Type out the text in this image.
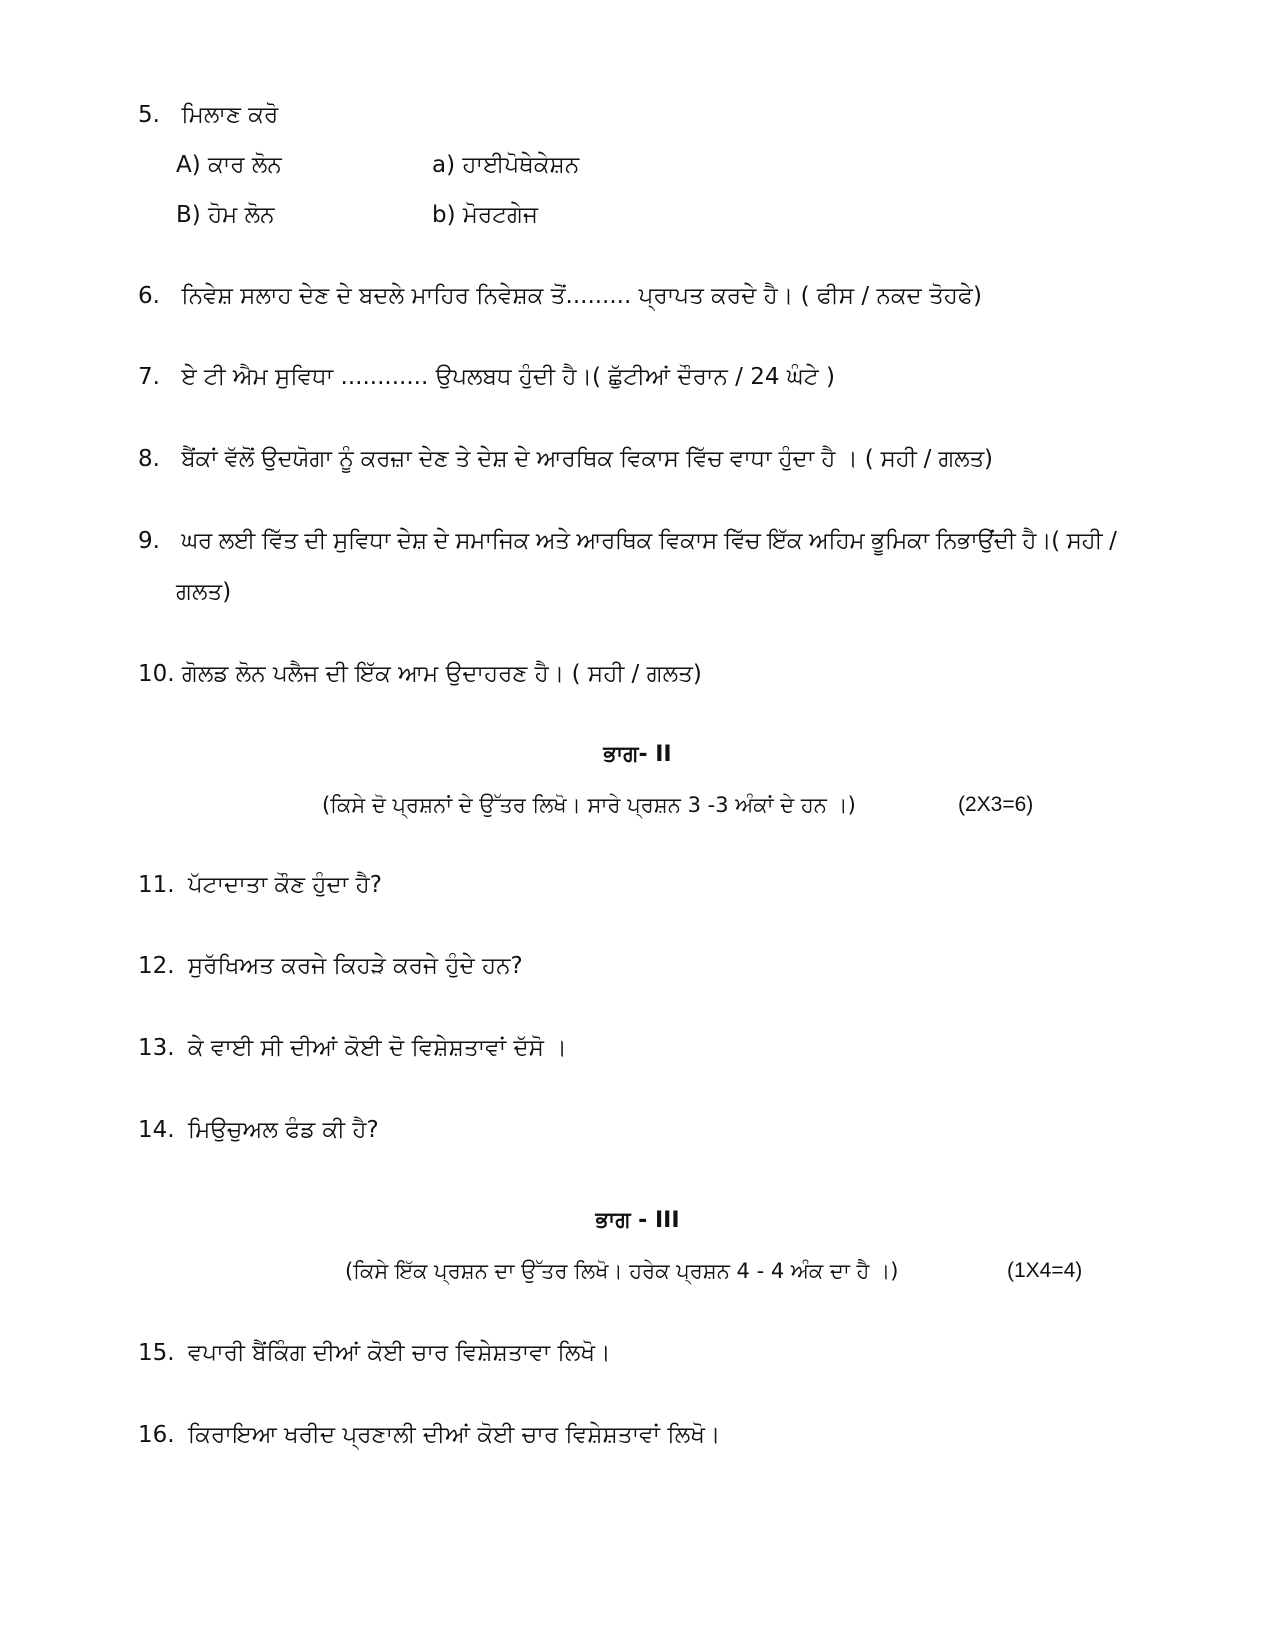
5. ਮਿਲਾਣ ਕਰੋ
A) ਕਾਰ ਲੋਨ	a) ਹਾਈਪੋਥੇਕੇਸ਼ਨ
B) ਹੋਮ ਲੋਨ	b) ਮੋਰਟਗੇਜ
6. ਨਿਵੇਸ਼ ਸਲਾਹ ਦੇਣ ਦੇ ਬਦਲੇ ਮਾਹਿਰ ਨਿਵੇਸ਼ਕ ਤੋਂ......... ਪ੍ਰਾਪਤ ਕਰਦੇ ਹੈ। ( ਫੀਸ / ਨਕਦ ਤੋਹਫੇ)
7. ਏ ਟੀ ਐਮ ਸੁਵਿਧਾ ............ ਉਪਲਬਧ ਹੁੰਦੀ ਹੈ।( ਛੁੱਟੀਆਂ ਦੌਰਾਨ / 24 ਘੰਟੇ )
8. ਬੈਂਕਾਂ ਵੱਲੋਂ ਉਦਯੋਗਾ ਨੂੰ ਕਰਜ਼ਾ ਦੇਣ ਤੇ ਦੇਸ਼ ਦੇ ਆਰਥਿਕ ਵਿਕਾਸ ਵਿੱਚ ਵਾਧਾ ਹੁੰਦਾ ਹੈ । ( ਸਹੀ / ਗਲਤ)
9. ਘਰ ਲਈ ਵਿੱਤ ਦੀ ਸੁਵਿਧਾ ਦੇਸ਼ ਦੇ ਸਮਾਜਿਕ ਅਤੇ ਆਰਥਿਕ ਵਿਕਾਸ ਵਿੱਚ ਇੱਕ ਅਹਿਮ ਭੂਮਿਕਾ ਨਿਭਾਉਂਦੀ ਹੈ।( ਸਹੀ /
ਗਲਤ)
10. ਗੋਲਡ ਲੋਨ ਪਲੈਜ ਦੀ ਇੱਕ ਆਮ ਉਦਾਹਰਣ ਹੈ। ( ਸਹੀ / ਗਲਤ)
ਭਾਗ- II
(ਕਿਸੇ ਦੋ ਪ੍ਰਸ਼ਨਾਂ ਦੇ ਉੱਤਰ ਲਿਖੋ। ਸਾਰੇ ਪ੍ਰਸ਼ਨ 3 -3 ਅੰਕਾਂ ਦੇ ਹਨ ।)	(2X3=6)
11. ਪੱਟਾਦਾਤਾ ਕੌਣ ਹੁੰਦਾ ਹੈ?
12. ਸੁਰੱਖਿਅਤ ਕਰਜੇ ਕਿਹੜੇ ਕਰਜੇ ਹੁੰਦੇ ਹਨ?
13. ਕੇ ਵਾਈ ਸੀ ਦੀਆਂ ਕੋਈ ਦੋ ਵਿਸ਼ੇਸ਼ਤਾਵਾਂ ਦੱਸੋ ।
14. ਮਿਉਚੁਅਲ ਫੰਡ ਕੀ ਹੈ?
ਭਾਗ - III
(ਕਿਸੇ ਇੱਕ ਪ੍ਰਸ਼ਨ ਦਾ ਉੱਤਰ ਲਿਖੋ। ਹਰੇਕ ਪ੍ਰਸ਼ਨ 4 - 4 ਅੰਕ ਦਾ ਹੈ ।)	(1X4=4)
15. ਵਪਾਰੀ ਬੈਂਕਿੰਗ ਦੀਆਂ ਕੋਈ ਚਾਰ ਵਿਸ਼ੇਸ਼ਤਾਵਾ ਲਿਖੋ।
16. ਕਿਰਾਇਆ ਖਰੀਦ ਪ੍ਰਣਾਲੀ ਦੀਆਂ ਕੋਈ ਚਾਰ ਵਿਸ਼ੇਸ਼ਤਾਵਾਂ ਲਿਖੋ।
